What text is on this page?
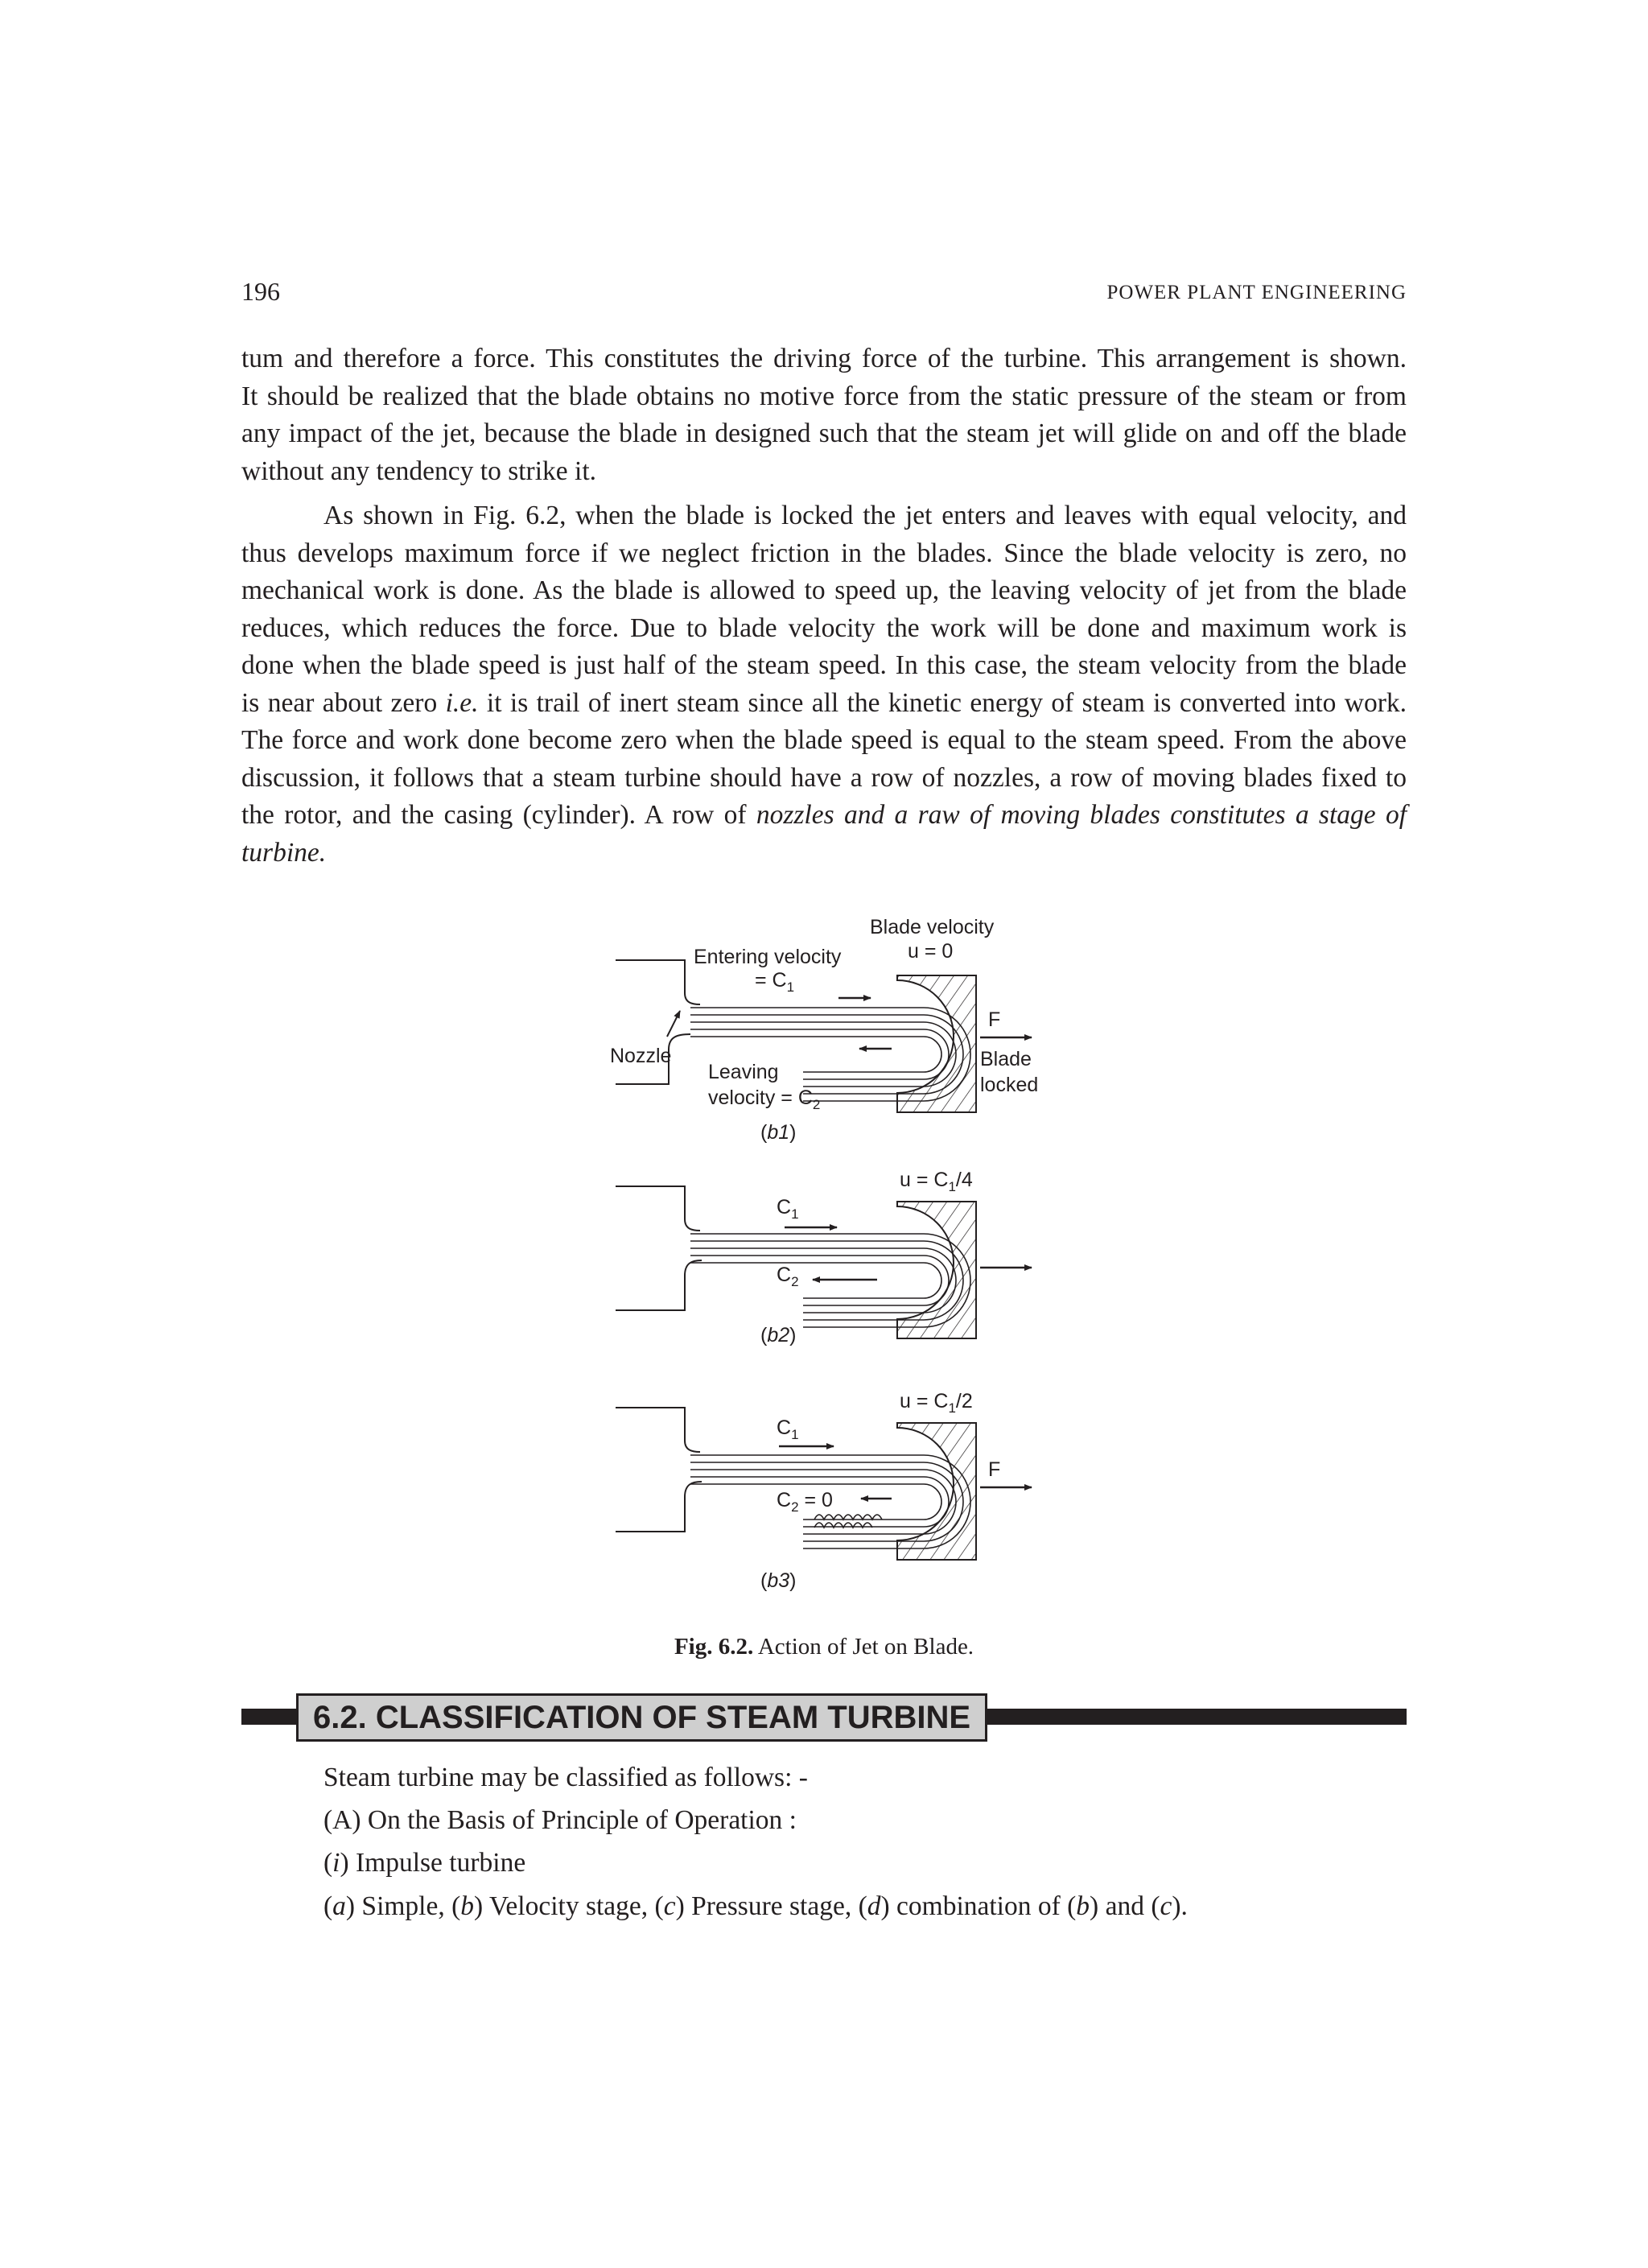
196	POWER PLANT ENGINEERING
tum and therefore a force. This constitutes the driving force of the turbine. This arrangement is shown.
It should be realized that the blade obtains no motive force from the static pressure of the steam or from
any impact of the jet, because the blade in designed such that the steam jet will glide on and off the blade
without any tendency to strike it.
As shown in Fig. 6.2, when the blade is locked the jet enters and leaves with equal velocity, and
thus develops maximum force if we neglect friction in the blades. Since the blade velocity is zero, no
mechanical work is done. As the blade is allowed to speed up, the leaving velocity of jet from the blade
reduces, which reduces the force. Due to blade velocity the work will be done and maximum work is
done when the blade speed is just half of the steam speed. In this case, the steam velocity from the blade
is near about zero i.e. it is trail of inert steam since all the kinetic energy of steam is converted into work.
The force and work done become zero when the blade speed is equal to the steam speed. From the above
discussion, it follows that a steam turbine should have a row of nozzles, a row of moving blades fixed to
the rotor, and the casing (cylinder). A row of nozzles and a raw of moving blades constitutes a stage of
turbine.
Blade velocity
u = 0
Entering velocity
= $C_1$
Nozzle
Leaving
velocity = $C_2$
F
Blade
locked
(b1)
$u = C_1/4$
$C_1$
$C_2$
(b2)
$u = C_1/2$
$C_1$
$C_2 = 0$
F
(b3)
Fig. 6.2. Action of Jet on Blade.
6.2. CLASSIFICATION OF STEAM TURBINE
Steam turbine may be classified as follows: -
(A) On the Basis of Principle of Operation :
(i) Impulse turbine
(a) Simple, (b) Velocity stage, (c) Pressure stage, (d) combination of (b) and (c).
